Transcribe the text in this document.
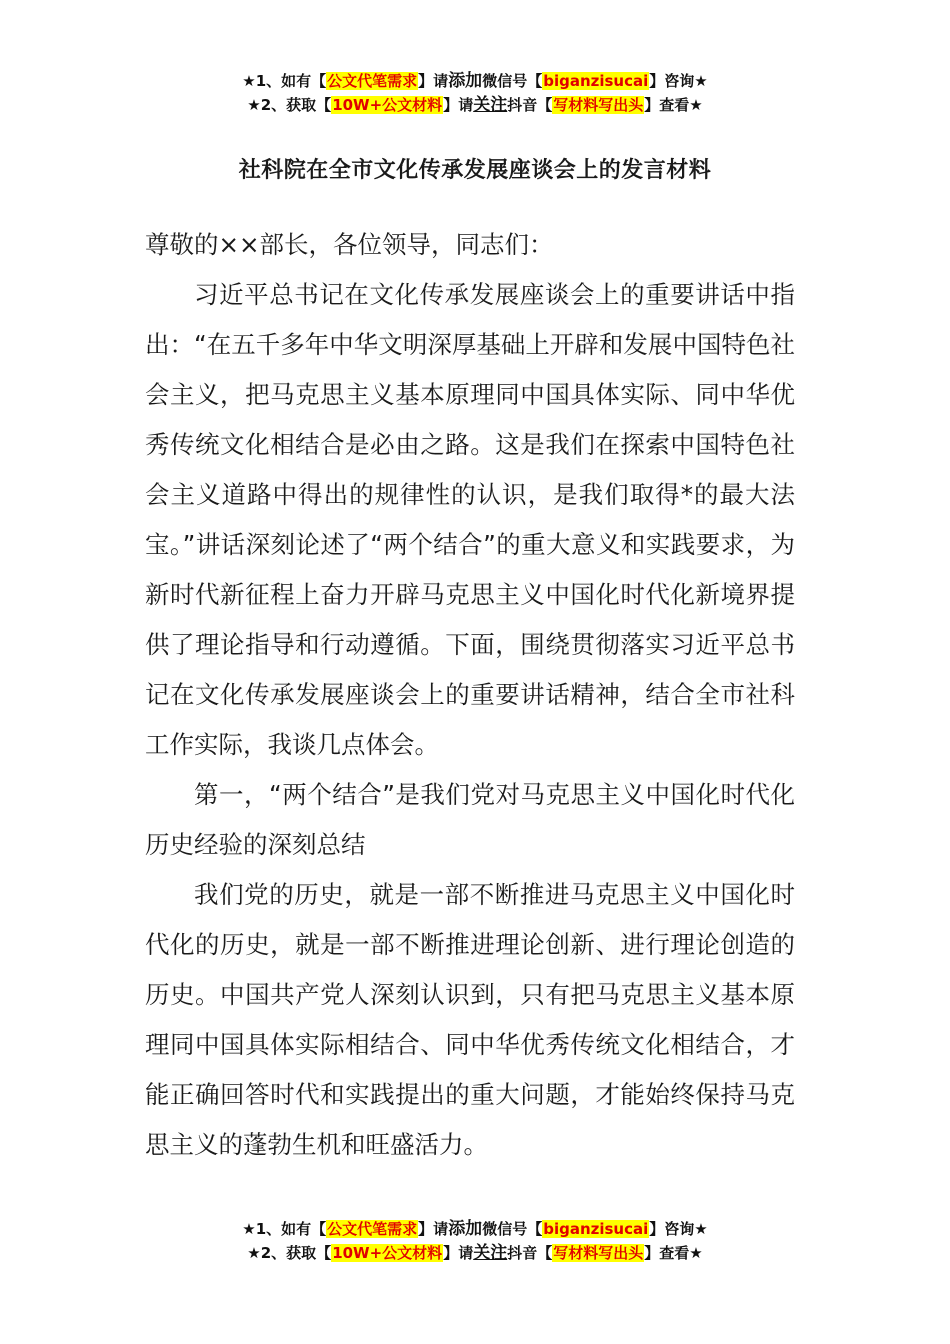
★1、如有【公文代笔需求】请添加微信号【biganzisucai】咨询★
★2、获取【10W+公文材料】请关注抖音【写材料写出头】查看★
社科院在全市文化传承发展座谈会上的发言材料

尊敬的××部长，各位领导，同志们：

习近平总书记在文化传承发展座谈会上的重要讲话中指出：“在五千多年中华文明深厚基础上开辟和发展中国特色社会主义，把马克思主义基本原理同中国具体实际、同中华优秀传统文化相结合是必由之路。这是我们在探索中国特色社会主义道路中得出的规律性的认识，是我们取得*的最大法宝。”讲话深刻论述了“两个结合”的重大意义和实践要求，为新时代新征程上奋力开辟马克思主义中国化时代化新境界提供了理论指导和行动遵循。下面，围绕贯彻落实习近平总书记在文化传承发展座谈会上的重要讲话精神，结合全市社科工作实际，我谈几点体会。

第一，“两个结合”是我们党对马克思主义中国化时代化历史经验的深刻总结

我们党的历史，就是一部不断推进马克思主义中国化时代化的历史，就是一部不断推进理论创新、进行理论创造的历史。中国共产党人深刻认识到，只有把马克思主义基本原理同中国具体实际相结合、同中华优秀传统文化相结合，才能正确回答时代和实践提出的重大问题，才能始终保持马克思主义的蓬勃生机和旺盛活力。

★1、如有【公文代笔需求】请添加微信号【biganzisucai】咨询★
★2、获取【10W+公文材料】请关注抖音【写材料写出头】查看★
